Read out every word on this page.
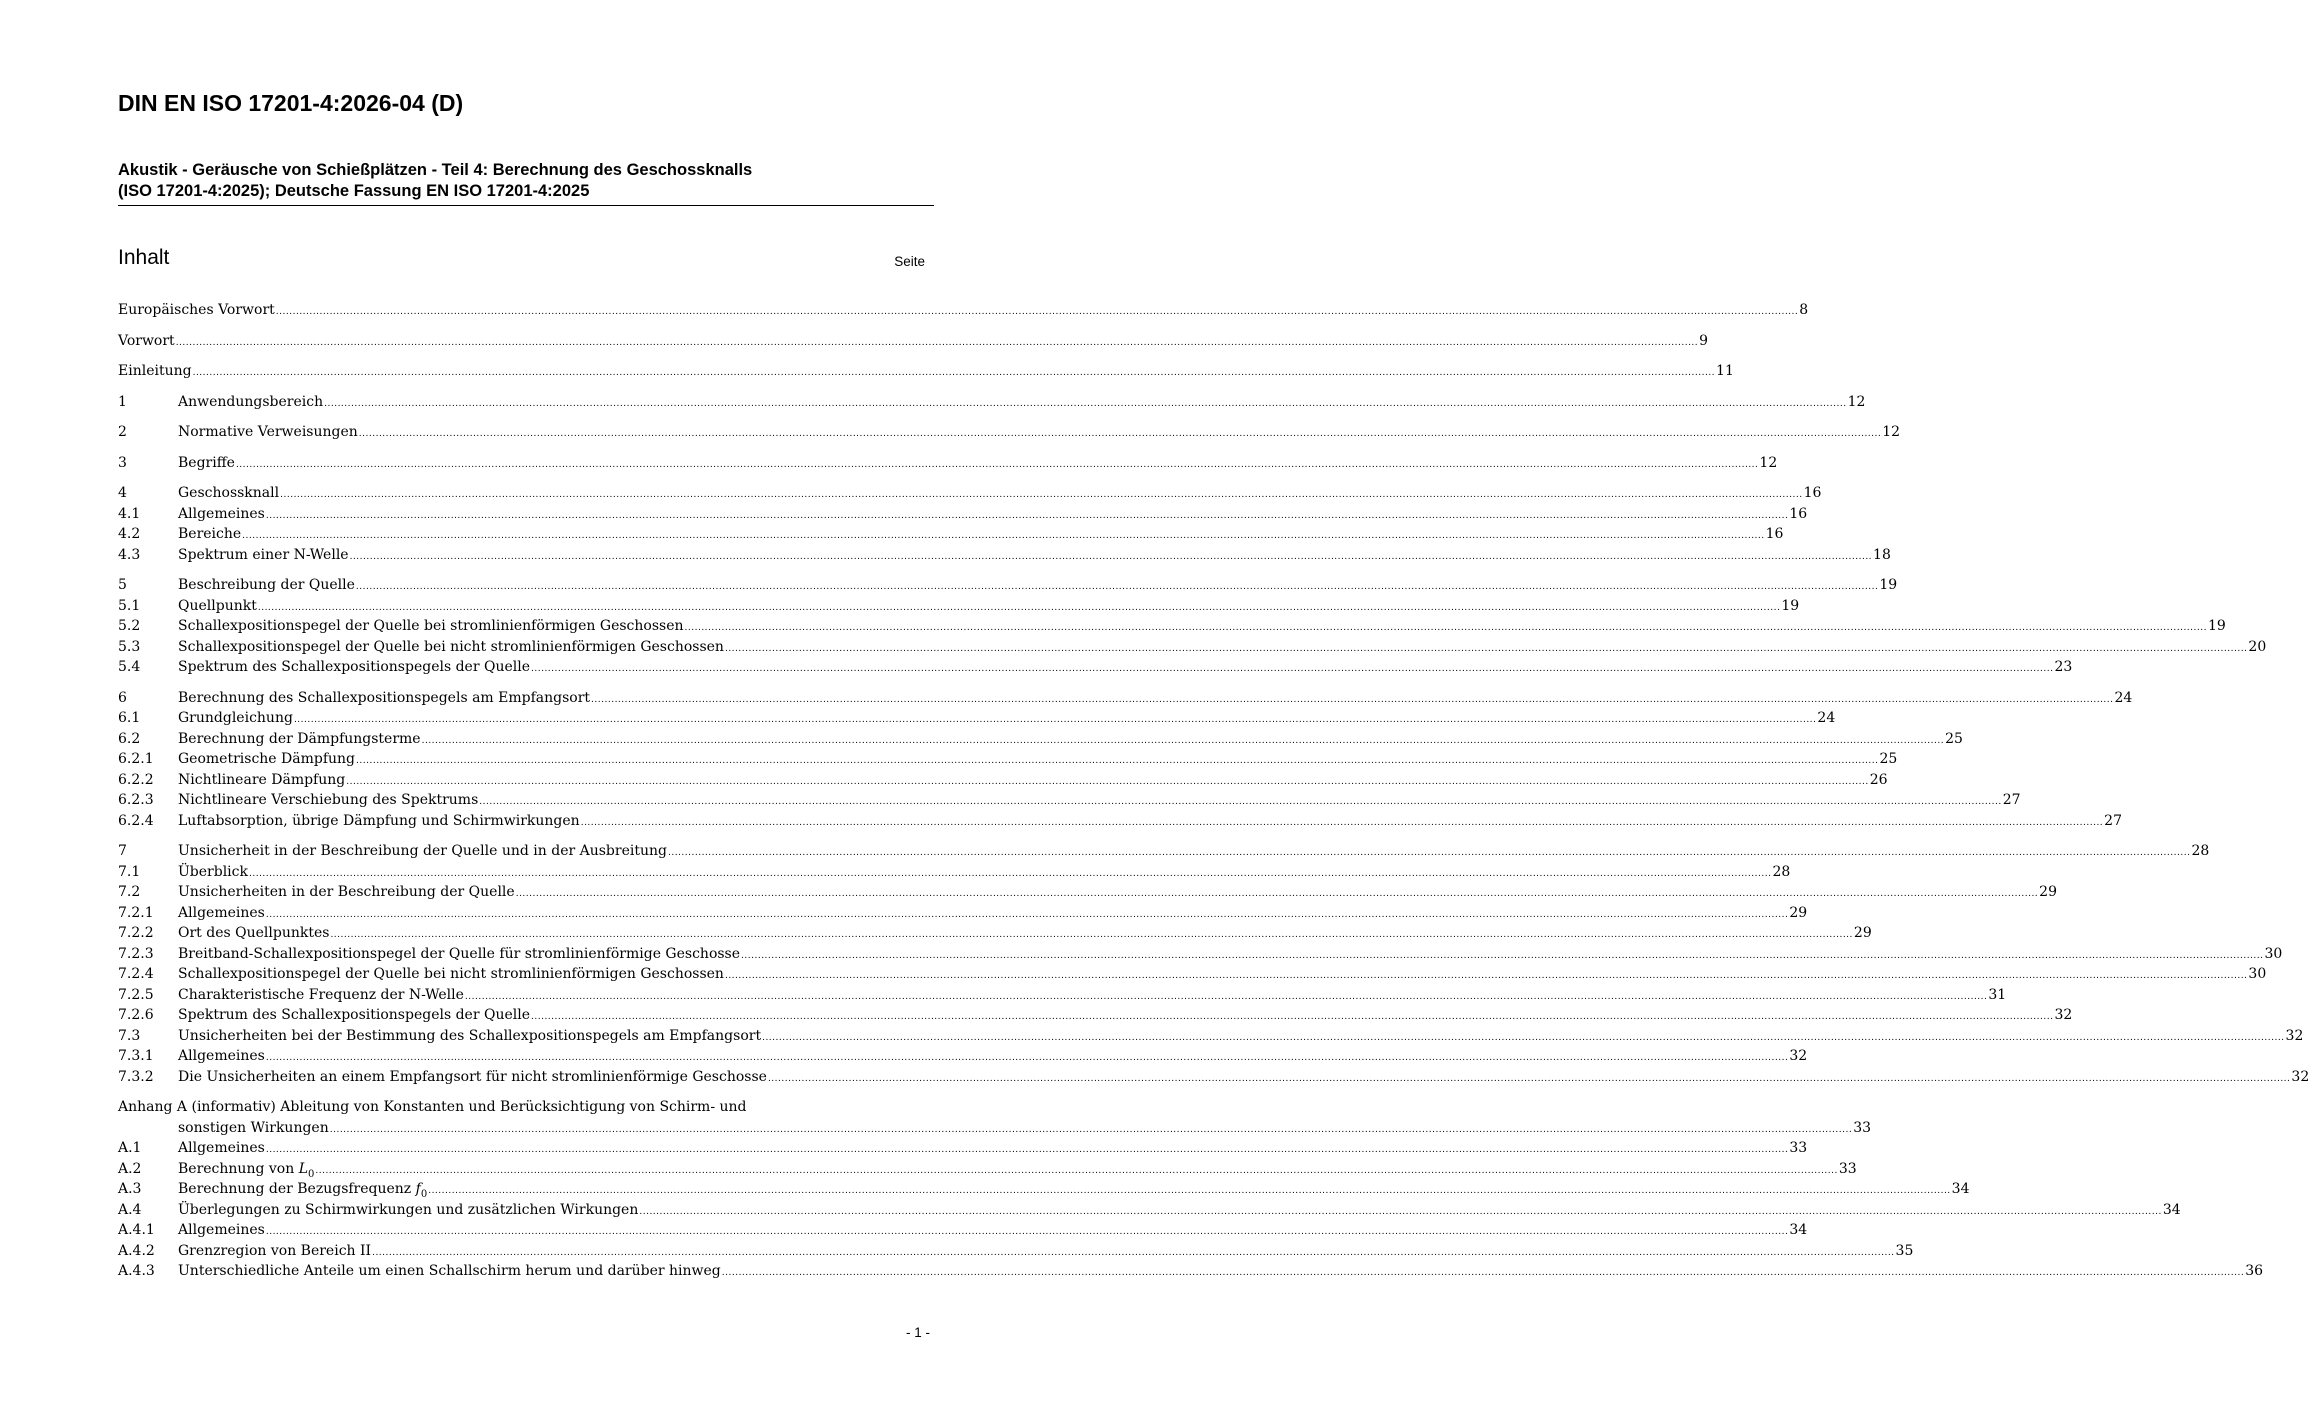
DIN EN ISO 17201-4:2026-04 (D)
Akustik - Geräusche von Schießplätzen - Teil 4: Berechnung des Geschossknalls
(ISO 17201-4:2025); Deutsche Fassung EN ISO 17201-4:2025
Inhalt	Seite
Europäisches Vorwort .....	8
Vorwort .....	9
Einleitung .....	11
1	Anwendungsbereich .....	12
2	Normative Verweisungen .....	12
3	Begriffe .....	12
4	Geschossknall .....	16
4.1	Allgemeines .....	16
4.2	Bereiche .....	16
4.3	Spektrum einer N-Welle .....	18
5	Beschreibung der Quelle .....	19
5.1	Quellpunkt .....	19
5.2	Schallexpositionspegel der Quelle bei stromlinienförmigen Geschossen .....	19
5.3	Schallexpositionspegel der Quelle bei nicht stromlinienförmigen Geschossen .....	20
5.4	Spektrum des Schallexpositionspegels der Quelle .....	23
6	Berechnung des Schallexpositionspegels am Empfangsort .....	24
6.1	Grundgleichung .....	24
6.2	Berechnung der Dämpfungsterme .....	25
6.2.1	Geometrische Dämpfung .....	25
6.2.2	Nichtlineare Dämpfung .....	26
6.2.3	Nichtlineare Verschiebung des Spektrums .....	27
6.2.4	Luftabsorption, übrige Dämpfung und Schirmwirkungen .....	27
7	Unsicherheit in der Beschreibung der Quelle und in der Ausbreitung .....	28
7.1	Überblick .....	28
7.2	Unsicherheiten in der Beschreibung der Quelle .....	29
7.2.1	Allgemeines .....	29
7.2.2	Ort des Quellpunktes .....	29
7.2.3	Breitband-Schallexpositionspegel der Quelle für stromlinienförmige Geschosse .....	30
7.2.4	Schallexpositionspegel der Quelle bei nicht stromlinienförmigen Geschossen .....	30
7.2.5	Charakteristische Frequenz der N-Welle .....	31
7.2.6	Spektrum des Schallexpositionspegels der Quelle .....	32
7.3	Unsicherheiten bei der Bestimmung des Schallexpositionspegels am Empfangsort .....	32
7.3.1	Allgemeines .....	32
7.3.2	Die Unsicherheiten an einem Empfangsort für nicht stromlinienförmige Geschosse .....	32
Anhang A (informativ) Ableitung von Konstanten und Berücksichtigung von Schirm- und
sonstigen Wirkungen .....	33
A.1	Allgemeines .....	33
A.2	Berechnung von $L_0$ .....	33
A.3	Berechnung der Bezugsfrequenz $f_0$ .....	34
A.4	Überlegungen zu Schirmwirkungen und zusätzlichen Wirkungen .....	34
A.4.1	Allgemeines .....	34
A.4.2	Grenzregion von Bereich II .....	35
A.4.3	Unterschiedliche Anteile um einen Schallschirm herum und darüber hinweg .....	36
- 1 -
